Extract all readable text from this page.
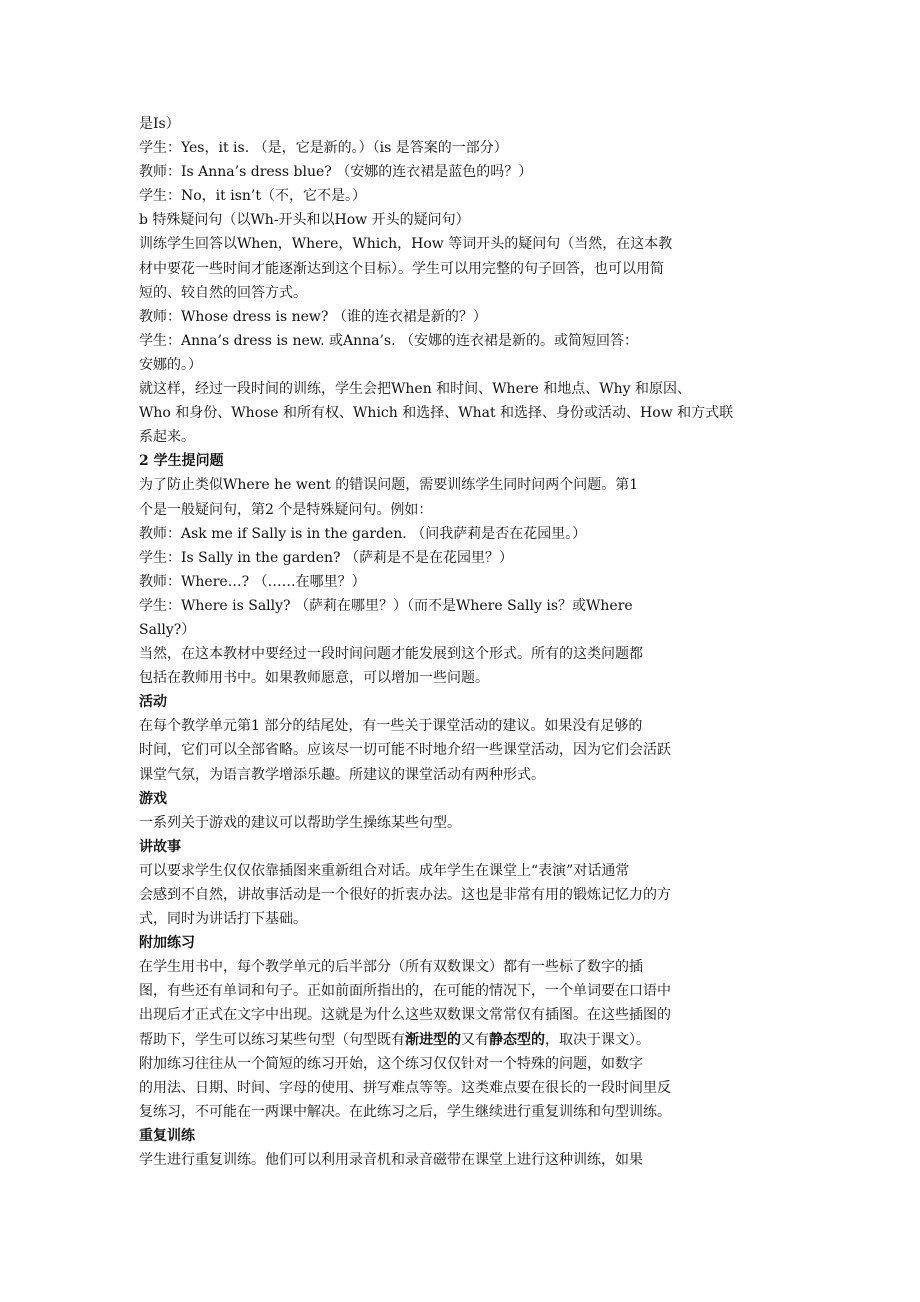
是Is）
学生：Yes，it is. （是，它是新的。）（is 是答案的一部分）
教师：Is Anna’s dress blue? （安娜的连衣裙是蓝色的吗？）
学生：No，it isn’t（不，它不是。）
b 特殊疑问句（以Wh-开头和以How 开头的疑问句）
训练学生回答以When，Where，Which，How 等词开头的疑问句（当然，在这本教
材中要花一些时间才能逐渐达到这个目标）。学生可以用完整的句子回答，也可以用简
短的、较自然的回答方式。
教师：Whose dress is new? （谁的连衣裙是新的？）
学生：Anna’s dress is new. 或Anna’s. （安娜的连衣裙是新的。或简短回答：
安娜的。）
就这样，经过一段时间的训练，学生会把When 和时间、Where 和地点、Why 和原因、
Who 和身份、Whose 和所有权、Which 和选择、What 和选择、身份或活动、How 和方式联
系起来。
2 学生提问题
为了防止类似Where he went 的错误问题，需要训练学生同时问两个问题。第1
个是一般疑问句，第2 个是特殊疑问句。例如：
教师：Ask me if Sally is in the garden. （问我萨莉是否在花园里。）
学生：Is Sally in the garden? （萨莉是不是在花园里？）
教师：Where…? （……在哪里？）
学生：Where is Sally? （萨莉在哪里？）（而不是Where Sally is？或Where
Sally?）
当然，在这本教材中要经过一段时间问题才能发展到这个形式。所有的这类问题都
包括在教师用书中。如果教师愿意，可以增加一些问题。
活动
在每个教学单元第1 部分的结尾处，有一些关于课堂活动的建议。如果没有足够的
时间，它们可以全部省略。应该尽一切可能不时地介绍一些课堂活动，因为它们会活跃
课堂气氛，为语言教学增添乐趣。所建议的课堂活动有两种形式。
游戏
一系列关于游戏的建议可以帮助学生操练某些句型。
讲故事
可以要求学生仅仅依靠插图来重新组合对话。成年学生在课堂上“表演”对话通常
会感到不自然，讲故事活动是一个很好的折衷办法。这也是非常有用的锻炼记忆力的方
式，同时为讲话打下基础。
附加练习
在学生用书中，每个教学单元的后半部分（所有双数课文）都有一些标了数字的插
图，有些还有单词和句子。正如前面所指出的，在可能的情况下，一个单词要在口语中
出现后才正式在文字中出现。这就是为什么这些双数课文常常仅有插图。在这些插图的
帮助下，学生可以练习某些句型（句型既有渐进型的又有静态型的，取决于课文）。
附加练习往往从一个简短的练习开始，这个练习仅仅针对一个特殊的问题，如数字
的用法、日期、时间、字母的使用、拼写难点等等。这类难点要在很长的一段时间里反
复练习，不可能在一两课中解决。在此练习之后，学生继续进行重复训练和句型训练。
重复训练
学生进行重复训练。他们可以利用录音机和录音磁带在课堂上进行这种训练，如果
